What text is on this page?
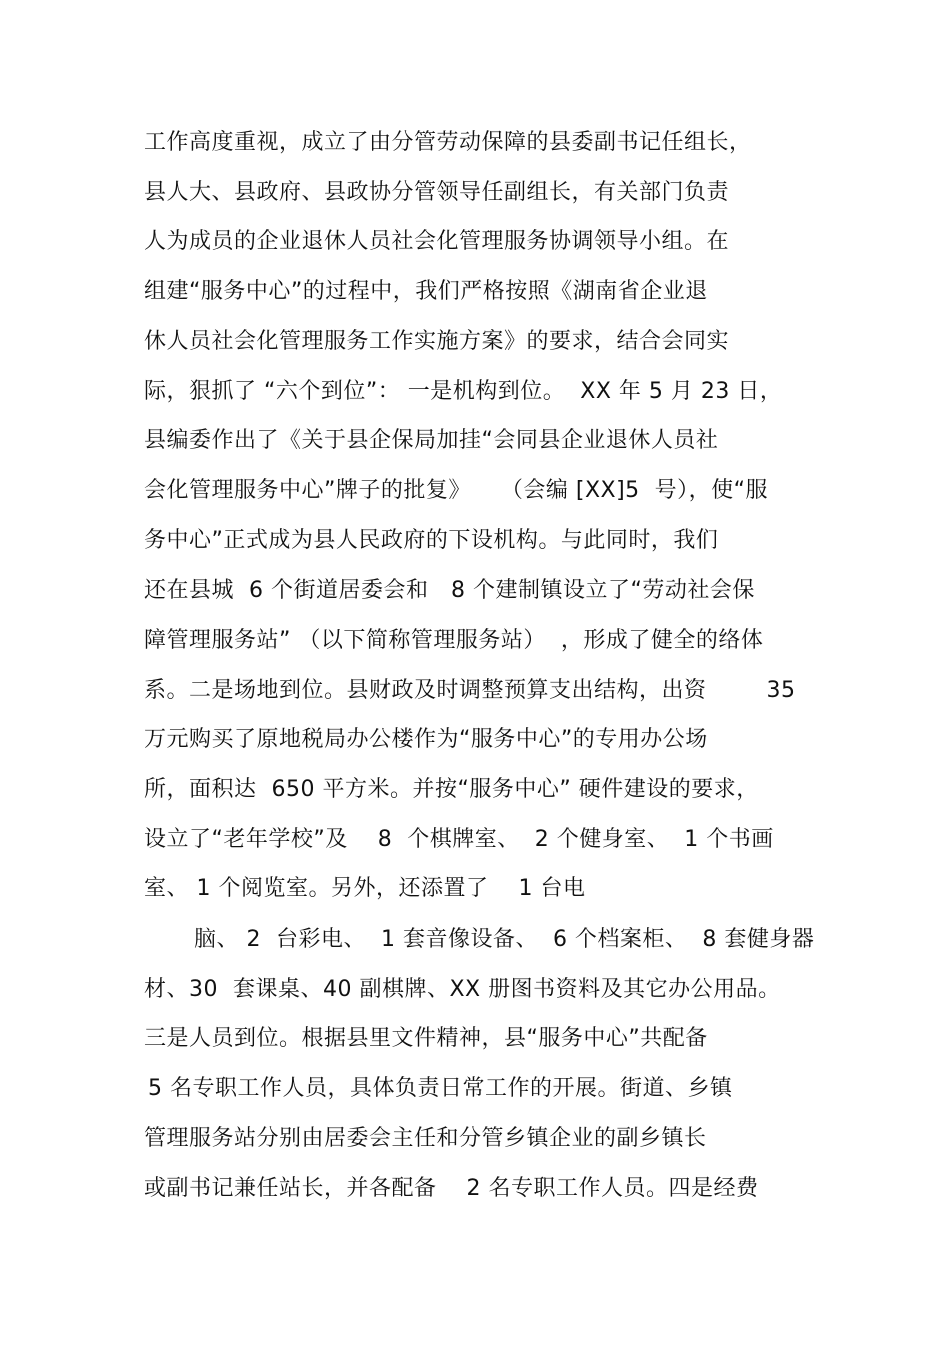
工作高度重视，成立了由分管劳动保障的县委副书记任组长，
县人大、县政府、县政协分管领导任副组长，有关部门负责
人为成员的企业退休人员社会化管理服务协调领导小组。在
组建“服务中心”的过程中，我们严格按照《湖南省企业退
休人员社会化管理服务工作实施方案》的要求，结合会同实
际，狠抓了 “六个到位”： 一是机构到位。  XX 年 5 月 23 日，
县编委作出了《关于县企保局加挂“会同县企业退休人员社
会化管理服务中心”牌子的批复》    （会编 [XX]5  号），使“服
务中心”正式成为县人民政府的下设机构。与此同时，我们
还在县城  6 个街道居委会和   8 个建制镇设立了“劳动社会保
障管理服务站” （以下简称管理服务站）  ，形成了健全的络体
系。二是场地到位。县财政及时调整预算支出结构，出资        35
万元购买了原地税局办公楼作为“服务中心”的专用办公场
所，面积达  650 平方米。并按“服务中心” 硬件建设的要求，
设立了“老年学校”及    8  个棋牌室、  2 个健身室、  1 个书画
室、 1 个阅览室。另外，还添置了    1 台电
脑、 2  台彩电、  1 套音像设备、  6 个档案柜、  8 套健身器
材、30  套课桌、40 副棋牌、XX 册图书资料及其它办公用品。
三是人员到位。根据县里文件精神，县“服务中心”共配备
5 名专职工作人员，具体负责日常工作的开展。街道、乡镇
管理服务站分别由居委会主任和分管乡镇企业的副乡镇长
或副书记兼任站长，并各配备    2 名专职工作人员。四是经费
